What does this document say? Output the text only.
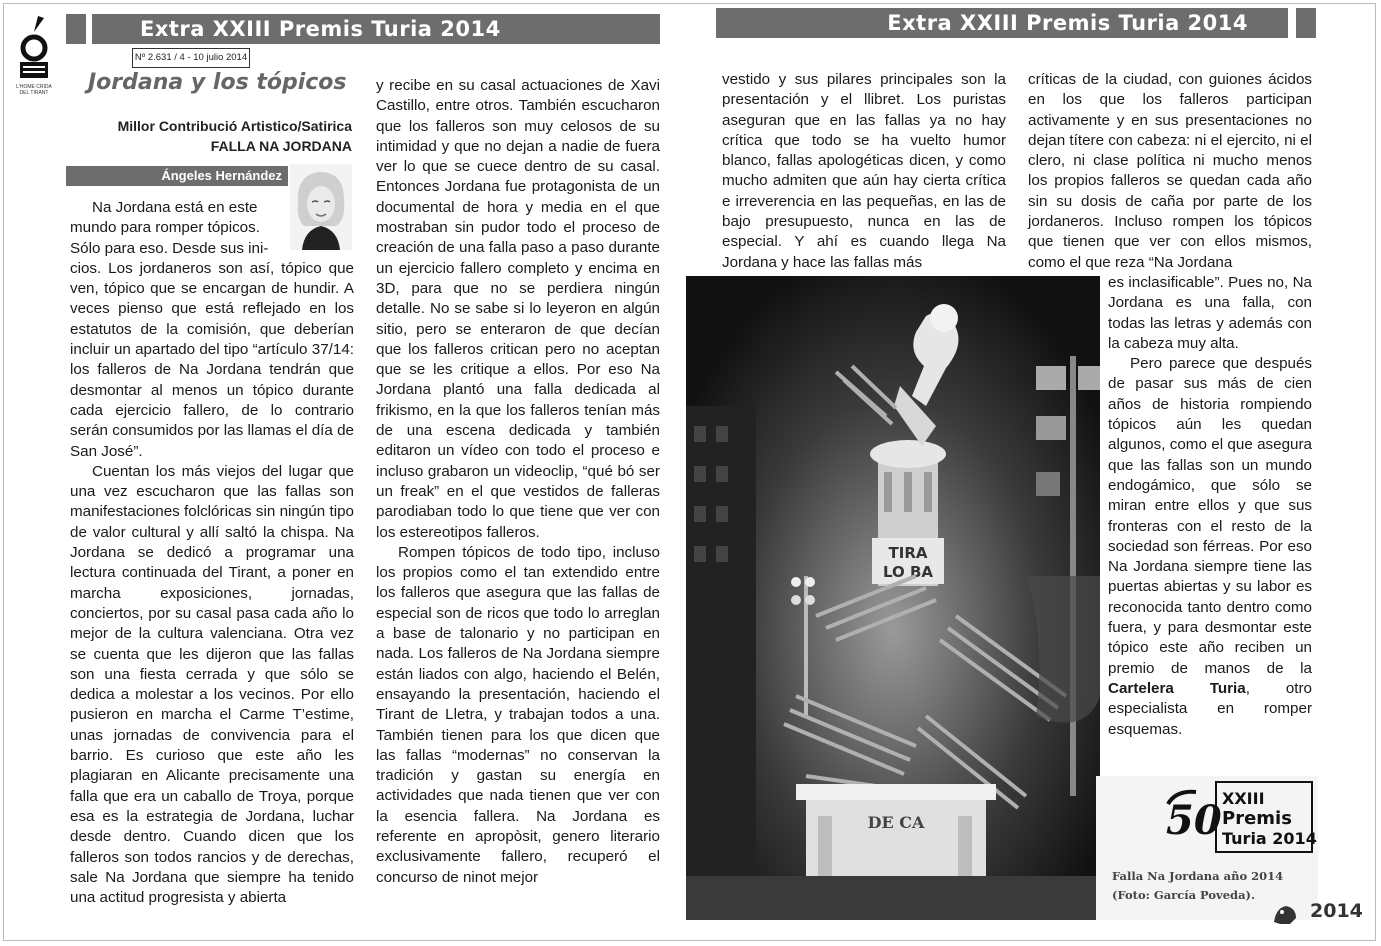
L'HOME CRIDA
DEL TIRANT
Extra XXIII Premis Turia 2014
Nº 2.631 / 4 - 10 julio 2014
Jordana y los tópicos
Millor Contribució Artistico/Satirica
FALLA NA JORDANA
Ángeles Hernández
Na Jordana está en este
mundo para romper tópicos.
Sólo para eso. Desde sus ini-

cios. Los jordaneros son así, tópico que ven, tópico que se encargan de hundir. A veces pienso que está reflejado en los estatutos de la comisión, que deberían incluir un apartado del tipo “artículo 37/14: los falleros de Na Jordana tendrán que desmontar al menos un tópico durante cada ejercicio fallero, de lo contrario serán consumidos por las llamas el día de San José”.

Cuentan los más viejos del lugar que una vez escucharon que las fallas son manifestaciones folclóricas sin ningún tipo de valor cultural y allí saltó la chispa. Na Jordana se dedicó a programar una lectura continuada del Tirant, a poner en marcha exposiciones, jornadas, conciertos, por su casal pasa cada año lo mejor de la cultura valenciana. Otra vez se cuenta que les dijeron que las fallas son una fiesta cerrada y que sólo se dedica a molestar a los vecinos. Por ello pusieron en marcha el Carme T’estime, unas jornadas de convivencia para el barrio. Es curioso que este año les plagiaran en Alicante precisamente una falla que era un caballo de Troya, porque esa es la estrategia de Jordana, luchar desde dentro. Cuando dicen que los falleros son todos rancios y de derechas, sale Na Jordana que siempre ha tenido una actitud progresista y abierta

y recibe en su casal actuaciones de Xavi Castillo, entre otros. También escucharon que los falleros son muy celosos de su intimidad y que no dejan a nadie de fuera ver lo que se cuece dentro de su casal. Entonces Jordana fue protagonista de un documental de hora y media en el que mostraban sin pudor todo el proceso de creación de una falla paso a paso durante un ejercicio fallero completo y encima en 3D, para que no se perdiera ningún detalle. No se sabe si lo leyeron en algún sitio, pero se enteraron de que decían que los falleros critican pero no aceptan que se les critique a ellos. Por eso Na Jordana plantó una falla dedicada al frikismo, en la que los falleros tenían más de una escena dedicada y también editaron un vídeo con todo el proceso e incluso grabaron un videoclip, “qué bó ser un freak” en el que vestidos de falleras parodiaban todo lo que tiene que ver con los estereotipos falleros.

Rompen tópicos de todo tipo, incluso los propios como el tan extendido entre los falleros que asegura que las fallas de especial son de ricos que todo lo arreglan a base de talonario y no participan en nada. Los falleros de Na Jordana siempre están liados con algo, haciendo el Belén, ensayando la presentación, haciendo el Tirant de Lletra, y trabajan todos a una. También tienen para los que dicen que las fallas “modernas” no conservan la tradición y gastan su energía en actividades que nada tienen que ver con la esencia fallera. Na Jordana es referente en apropòsit, genero literario exclusivamente fallero, recuperó el concurso de ninot mejor

Extra XXIII Premis Turia 2014

vestido y sus pilares principales son la presentación y el llibret. Los puristas aseguran que en las fallas ya no hay crítica que todo se ha vuelto humor blanco, fallas apologéticas dicen, y como mucho admiten que aún hay cierta crítica e irreverencia en las pequeñas, en las de bajo presupuesto, nunca en las de especial. Y ahí es cuando llega Na Jordana y hace las fallas más

críticas de la ciudad, con guiones ácidos en los que los falleros participan activamente y en sus presentaciones no dejan títere con cabeza: ni el ejercito, ni el clero, ni clase política ni mucho menos los propios falleros se quedan cada año sin su dosis de caña por parte de los jordaneros. Incluso rompen los tópicos que tienen que ver con ellos mismos, como el que reza “Na Jordana

es inclasificable”. Pues no, Na Jordana es una falla, con todas las letras y además con la cabeza muy alta.

Pero parece que después de pasar sus más de cien años de historia rompiendo tópicos aún les quedan algunos, como el que asegura que las fallas son un mundo endogámico, que sólo se miran entre ellos y que sus fronteras con el resto de la sociedad son férreas. Por eso Na Jordana siempre tiene las puertas abiertas y su labor es reconocida tanto dentro como fuera, y para desmontar este tópico este año reciben un premio de manos de la Cartelera Turia, otro especialista en romper esquemas.

TIRA
LO BA
DE CA	50 XXIII
Premis
Turia 2014
Falla Na Jordana año 2014 (Foto: García Poveda).
2014
